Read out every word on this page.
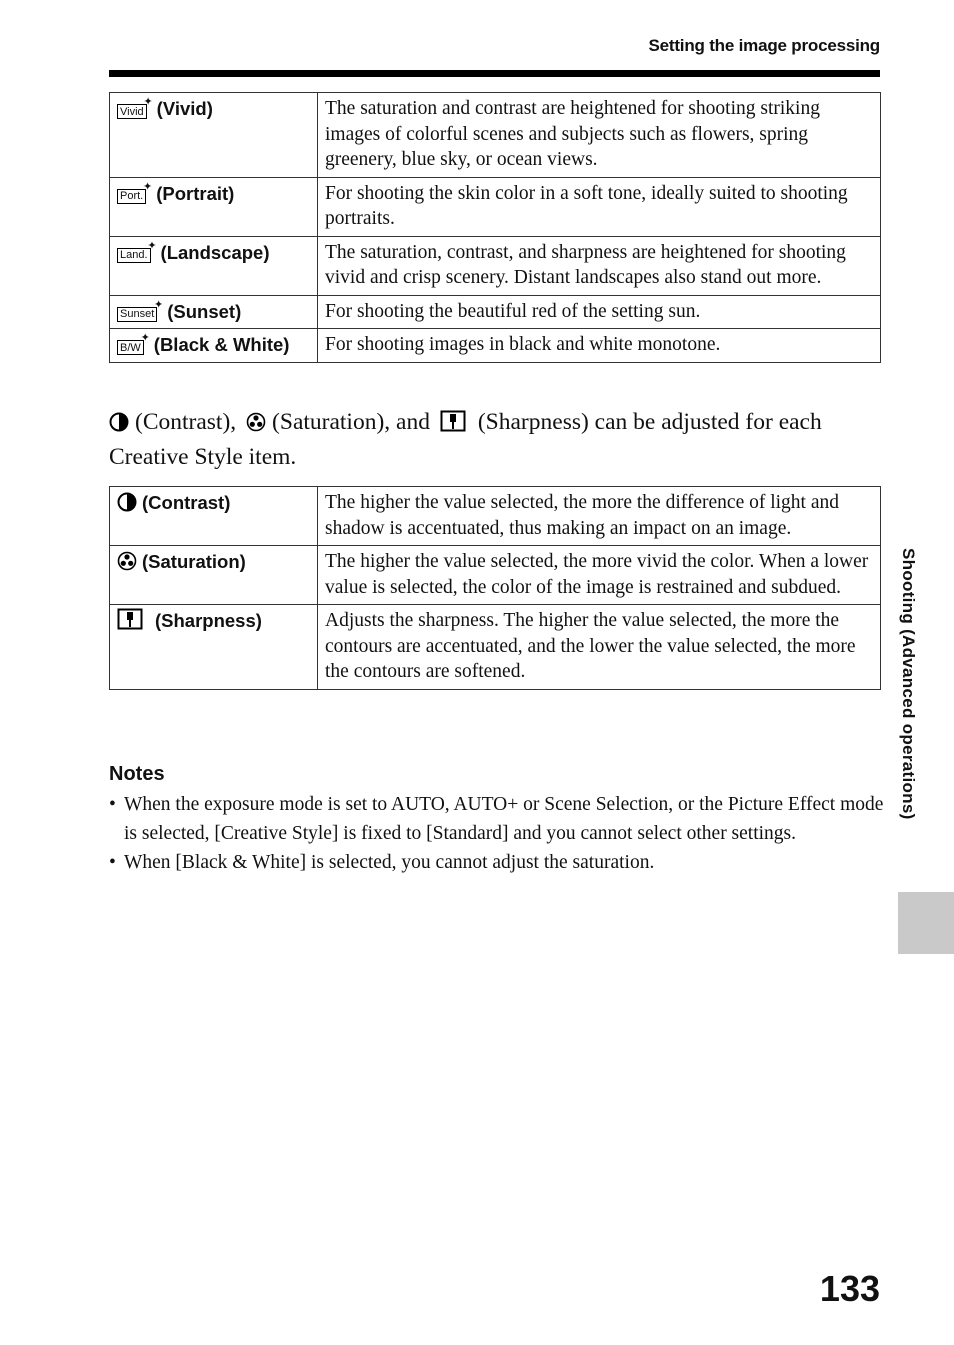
Setting the image processing
Vivid
✦ (Vivid)	The saturation and contrast are heightened for shooting striking images of colorful scenes and subjects such as flowers, spring greenery, blue sky, or ocean views.

Port.
✦ (Portrait)	For shooting the skin color in a soft tone, ideally suited to shooting portraits.

Land.
✦ (Landscape)	The saturation, contrast, and sharpness are heightened for shooting vivid and crisp scenery. Distant landscapes also stand out more.

Sunset
✦ (Sunset)	For shooting the beautiful red of the setting sun.

B/W
✦ (Black & White)	For shooting images in black and white monotone.
(Contrast), (Saturation), and (Sharpness) can be adjusted for each Creative Style item.
(Contrast)	The higher the value selected, the more the difference of light and shadow is accentuated, thus making an impact on an image.
(Saturation)	The higher the value selected, the more vivid the color. When a lower value is selected, the color of the image is restrained and subdued.
(Sharpness)	Adjusts the sharpness. The higher the value selected, the more the contours are accentuated, and the lower the value selected, the more the contours are softened.
Notes
• When the exposure mode is set to AUTO, AUTO+ or Scene Selection, or the Picture Effect mode is selected, [Creative Style] is fixed to [Standard] and you cannot select other settings.
• When [Black & White] is selected, you cannot adjust the saturation.
Shooting (Advanced operations)
133
